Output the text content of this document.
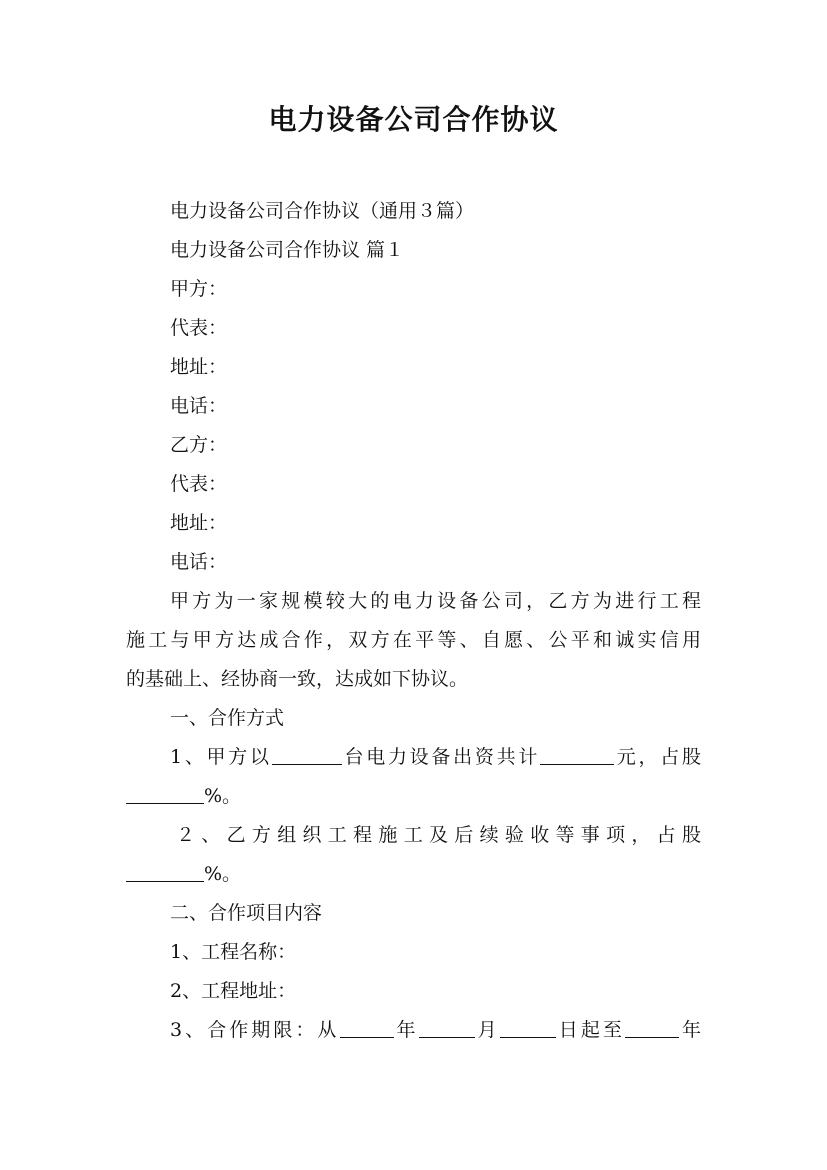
电力设备公司合作协议
电力设备公司合作协议（通用３篇）
电力设备公司合作协议 篇１
甲方：
代表：
地址：
电话：
乙方：
代表：
地址：
电话：
甲方为一家规模较大的电力设备公司，乙方为进行工程
施工与甲方达成合作，双方在平等、自愿、公平和诚实信用
的基础上、经协商一致，达成如下协议。
一、合作方式
1、甲方以	台电力设备出资共计	元，占股
%。
２、乙方组织工程施工及后续验收等事项，占股
%。
二、合作项目内容
1、工程名称：
2、工程地址：
3、合作期限：从	年	月	日起至	年
